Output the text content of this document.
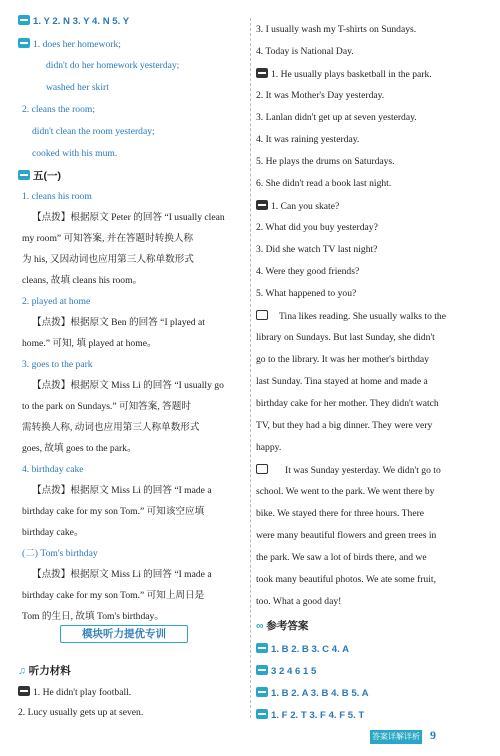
1. Y 2. N 3. Y 4. N 5. Y
1. does her homework;
didn't do her homework yesterday;
washed her skirt
2. cleans the room;
didn't clean the room yesterday;
cooked with his mum.
五(一)
1. cleans his room
【点拨】根据原文 Peter 的回答 “I usually clean
my room” 可知答案, 并在答题时转换人称
为 his, 又因动词也应用第三人称单数形式
cleans, 故填 cleans his room。
2. played at home
【点拨】根据原文 Ben 的回答 “I played at
home.” 可知, 填 played at home。
3. goes to the park
【点拨】根据原文 Miss Li 的回答 “I usually go
to the park on Sundays.” 可知答案, 答题时
需转换人称, 动词也应用第三人称单数形式
goes, 故填 goes to the park。
4. birthday cake
【点拨】根据原文 Miss Li 的回答 “I made a
birthday cake for my son Tom.” 可知该空应填
birthday cake。
(二) Tom's birthday
【点拨】根据原文 Miss Li 的回答 “I made a
birthday cake for my son Tom.” 可知上周日是
Tom 的生日, 故填 Tom's birthday。
模块听力提优专训
♫ 听力材料
1. He didn't play football.
2. Lucy usually gets up at seven.
3. I usually wash my T-shirts on Sundays.
4. Today is National Day.
1. He usually plays basketball in the park.
2. It was Mother's Day yesterday.
3. Lanlan didn't get up at seven yesterday.
4. It was raining yesterday.
5. He plays the drums on Saturdays.
6. She didn't read a book last night.
1. Can you skate?
2. What did you buy yesterday?
3. Did she watch TV last night?
4. Were they good friends?
5. What happened to you?
Tina likes reading. She usually walks to the
library on Sundays. But last Sunday, she didn't
go to the library. It was her mother's birthday
last Sunday. Tina stayed at home and made a
birthday cake for her mother. They didn't watch
TV, but they had a big dinner. They were very
happy.
It was Sunday yesterday. We didn't go to
school. We went to the park. We went there by
bike. We stayed there for three hours. There
were many beautiful flowers and green trees in
the park. We saw a lot of birds there, and we
took many beautiful photos. We ate some fruit,
too. What a good day!
∞ 参考答案
1. B 2. B 3. C 4. A
3 2 4 6 1 5
1. B 2. A 3. B 4. B 5. A
1. F 2. T 3. F 4. F 5. T
答案详解详析 9
